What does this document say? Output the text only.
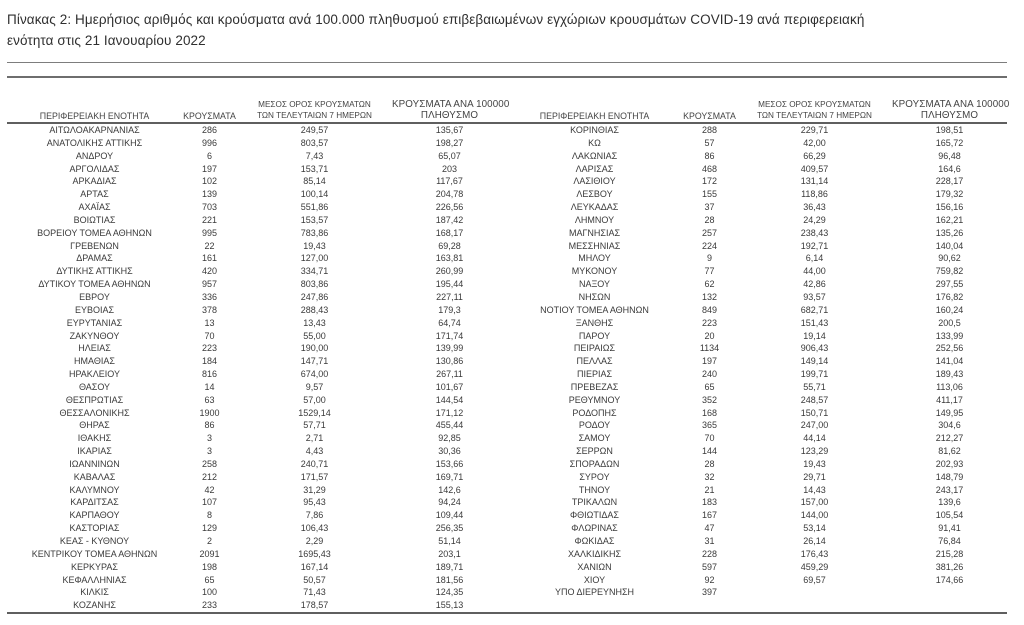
Πίνακας 2: Ημερήσιος αριθμός και κρούσματα ανά 100.000 πληθυσμού επιβεβαιωμένων εγχώριων κρουσμάτων COVID-19 ανά περιφερειακή
ενότητα στις 21 Ιανουαρίου 2022
ΠΕΡΙΦΕΡΕΙΑΚΗ ΕΝΟΤΗΤΑ	ΚΡΟΥΣΜΑΤΑ
ΜΕΣΟΣ ΟΡΟΣ ΚΡΟΥΣΜΑΤΩΝ
ΤΩΝ ΤΕΛΕΥΤΑΙΩΝ 7 ΗΜΕΡΩΝ
ΚΡΟΥΣΜΑΤΑ ΑΝΑ 100000
ΠΛΗΘΥΣΜΟ
ΑΙΤΩΛΟΑΚΑΡΝΑΝΙΑΣ	286	249,57	135,67
ΑΝΑΤΟΛΙΚΗΣ ΑΤΤΙΚΗΣ	996	803,57	198,27
ΑΝΔΡΟΥ	6	7,43	65,07
ΑΡΓΟΛΙΔΑΣ	197	153,71	203
ΑΡΚΑΔΙΑΣ	102	85,14	117,67
ΑΡΤΑΣ	139	100,14	204,78
ΑΧΑΪΑΣ	703	551,86	226,56
ΒΟΙΩΤΙΑΣ	221	153,57	187,42
ΒΟΡΕΙΟΥ ΤΟΜΕΑ ΑΘΗΝΩΝ	995	783,86	168,17
ΓΡΕΒΕΝΩΝ	22	19,43	69,28
ΔΡΑΜΑΣ	161	127,00	163,81
ΔΥΤΙΚΗΣ ΑΤΤΙΚΗΣ	420	334,71	260,99
ΔΥΤΙΚΟΥ ΤΟΜΕΑ ΑΘΗΝΩΝ	957	803,86	195,44
ΕΒΡΟΥ	336	247,86	227,11
ΕΥΒΟΙΑΣ	378	288,43	179,3
ΕΥΡΥΤΑΝΙΑΣ	13	13,43	64,74
ΖΑΚΥΝΘΟΥ	70	55,00	171,74
ΗΛΕΙΑΣ	223	190,00	139,99
ΗΜΑΘΙΑΣ	184	147,71	130,86
ΗΡΑΚΛΕΙΟΥ	816	674,00	267,11
ΘΑΣΟΥ	14	9,57	101,67
ΘΕΣΠΡΩΤΙΑΣ	63	57,00	144,54
ΘΕΣΣΑΛΟΝΙΚΗΣ	1900	1529,14	171,12
ΘΗΡΑΣ	86	57,71	455,44
ΙΘΑΚΗΣ	3	2,71	92,85
ΙΚΑΡΙΑΣ	3	4,43	30,36
ΙΩΑΝΝΙΝΩΝ	258	240,71	153,66
ΚΑΒΑΛΑΣ	212	171,57	169,71
ΚΑΛΥΜΝΟΥ	42	31,29	142,6
ΚΑΡΔΙΤΣΑΣ	107	95,43	94,24
ΚΑΡΠΑΘΟΥ	8	7,86	109,44
ΚΑΣΤΟΡΙΑΣ	129	106,43	256,35
ΚΕΑΣ - ΚΥΘΝΟΥ	2	2,29	51,14
ΚΕΝΤΡΙΚΟΥ ΤΟΜΕΑ ΑΘΗΝΩΝ	2091	1695,43	203,1
ΚΕΡΚΥΡΑΣ	198	167,14	189,71
ΚΕΦΑΛΛΗΝΙΑΣ	65	50,57	181,56
ΚΙΛΚΙΣ	100	71,43	124,35
ΚΟΖΑΝΗΣ	233	178,57	155,13
ΠΕΡΙΦΕΡΕΙΑΚΗ ΕΝΟΤΗΤΑ	ΚΡΟΥΣΜΑΤΑ
ΜΕΣΟΣ ΟΡΟΣ ΚΡΟΥΣΜΑΤΩΝ
ΤΩΝ ΤΕΛΕΥΤΑΙΩΝ 7 ΗΜΕΡΩΝ
ΚΡΟΥΣΜΑΤΑ ΑΝΑ 100000
ΠΛΗΘΥΣΜΟ
ΚΟΡΙΝΘΙΑΣ	288	229,71	198,51
ΚΩ	57	42,00	165,72
ΛΑΚΩΝΙΑΣ	86	66,29	96,48
ΛΑΡΙΣΑΣ	468	409,57	164,6
ΛΑΣΙΘΙΟΥ	172	131,14	228,17
ΛΕΣΒΟΥ	155	118,86	179,32
ΛΕΥΚΑΔΑΣ	37	36,43	156,16
ΛΗΜΝΟΥ	28	24,29	162,21
ΜΑΓΝΗΣΙΑΣ	257	238,43	135,26
ΜΕΣΣΗΝΙΑΣ	224	192,71	140,04
ΜΗΛΟΥ	9	6,14	90,62
ΜΥΚΟΝΟΥ	77	44,00	759,82
ΝΑΞΟΥ	62	42,86	297,55
ΝΗΣΩΝ	132	93,57	176,82
ΝΟΤΙΟΥ ΤΟΜΕΑ ΑΘΗΝΩΝ	849	682,71	160,24
ΞΑΝΘΗΣ	223	151,43	200,5
ΠΑΡΟΥ	20	19,14	133,99
ΠΕΙΡΑΙΩΣ	1134	906,43	252,56
ΠΕΛΛΑΣ	197	149,14	141,04
ΠΙΕΡΙΑΣ	240	199,71	189,43
ΠΡΕΒΕΖΑΣ	65	55,71	113,06
ΡΕΘΥΜΝΟΥ	352	248,57	411,17
ΡΟΔΟΠΗΣ	168	150,71	149,95
ΡΟΔΟΥ	365	247,00	304,6
ΣΑΜΟΥ	70	44,14	212,27
ΣΕΡΡΩΝ	144	123,29	81,62
ΣΠΟΡΑΔΩΝ	28	19,43	202,93
ΣΥΡΟΥ	32	29,71	148,79
ΤΗΝΟΥ	21	14,43	243,17
ΤΡΙΚΑΛΩΝ	183	157,00	139,6
ΦΘΙΩΤΙΔΑΣ	167	144,00	105,54
ΦΛΩΡΙΝΑΣ	47	53,14	91,41
ΦΩΚΙΔΑΣ	31	26,14	76,84
ΧΑΛΚΙΔΙΚΗΣ	228	176,43	215,28
ΧΑΝΙΩΝ	597	459,29	381,26
ΧΙΟΥ	92	69,57	174,66
ΥΠΟ ΔΙΕΡΕΥΝΗΣΗ	397
